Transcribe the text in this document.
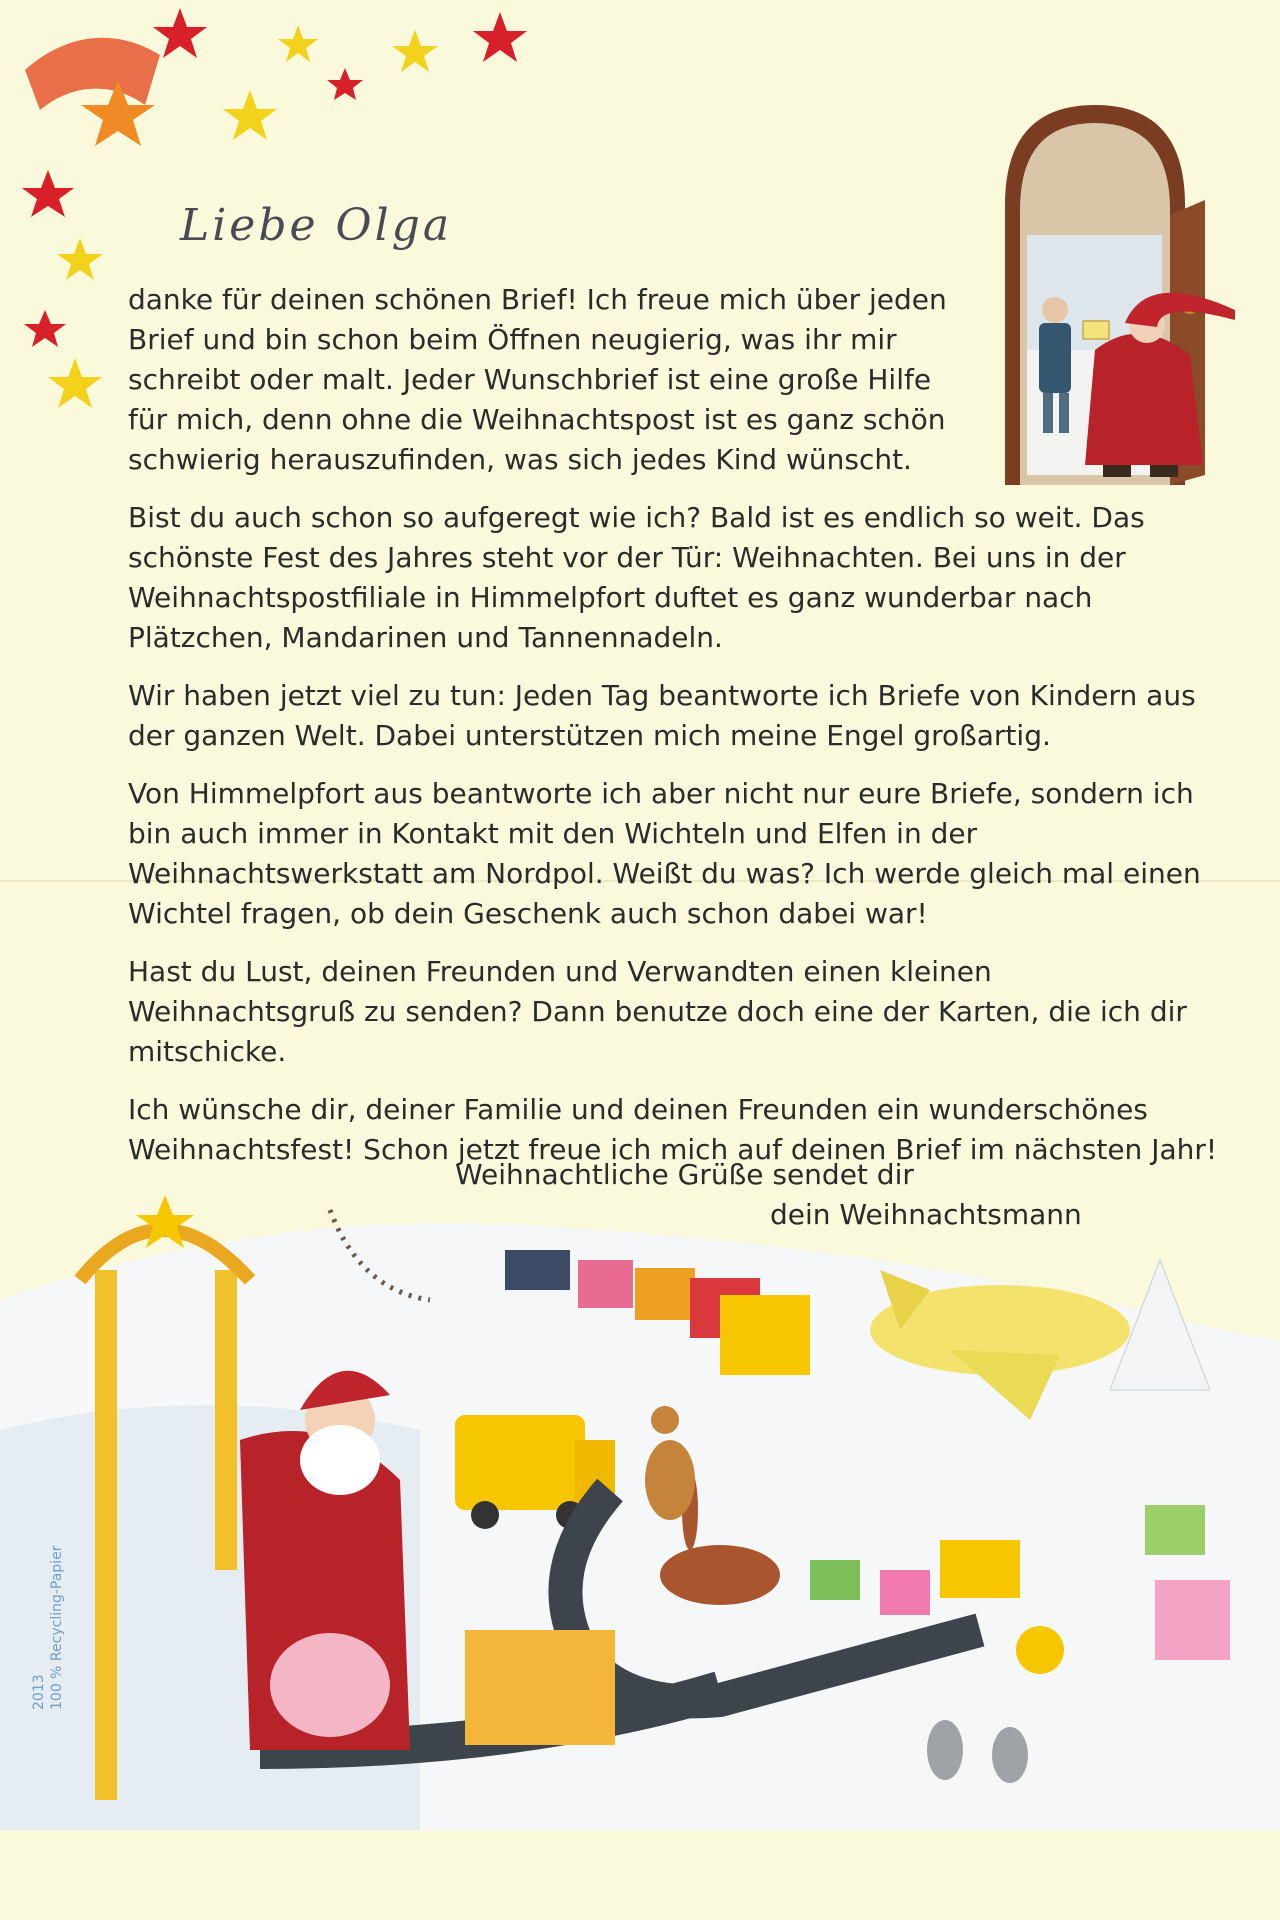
Liebe Olga

danke für deinen schönen Brief! Ich freue mich über jeden Brief und bin schon beim Öffnen neugierig, was ihr mir schreibt oder malt. Jeder Wunschbrief ist eine große Hilfe für mich, denn ohne die Weihnachtspost ist es ganz schön schwierig herauszufinden, was sich jedes Kind wünscht.

Bist du auch schon so aufgeregt wie ich? Bald ist es endlich so weit. Das schönste Fest des Jahres steht vor der Tür: Weihnachten. Bei uns in der Weihnachtspostfiliale in Himmelpfort duftet es ganz wunderbar nach Plätzchen, Mandarinen und Tannennadeln.

Wir haben jetzt viel zu tun: Jeden Tag beantworte ich Briefe von Kindern aus der ganzen Welt. Dabei unterstützen mich meine Engel großartig.

Von Himmelpfort aus beantworte ich aber nicht nur eure Briefe, sondern ich bin auch immer in Kontakt mit den Wichteln und Elfen in der Weihnachtswerkstatt am Nordpol. Weißt du was? Ich werde gleich mal einen Wichtel fragen, ob dein Geschenk auch schon dabei war!

Hast du Lust, deinen Freunden und Verwandten einen kleinen Weihnachtsgruß zu senden? Dann benutze doch eine der Karten, die ich dir mitschicke.

Ich wünsche dir, deiner Familie und deinen Freunden ein wunderschönes Weihnachtsfest! Schon jetzt freue ich mich auf deinen Brief im nächsten Jahr!

Weihnachtliche Grüße sendet dir
dein Weihnachtsmann
2013 100 % Recycling-Papier
